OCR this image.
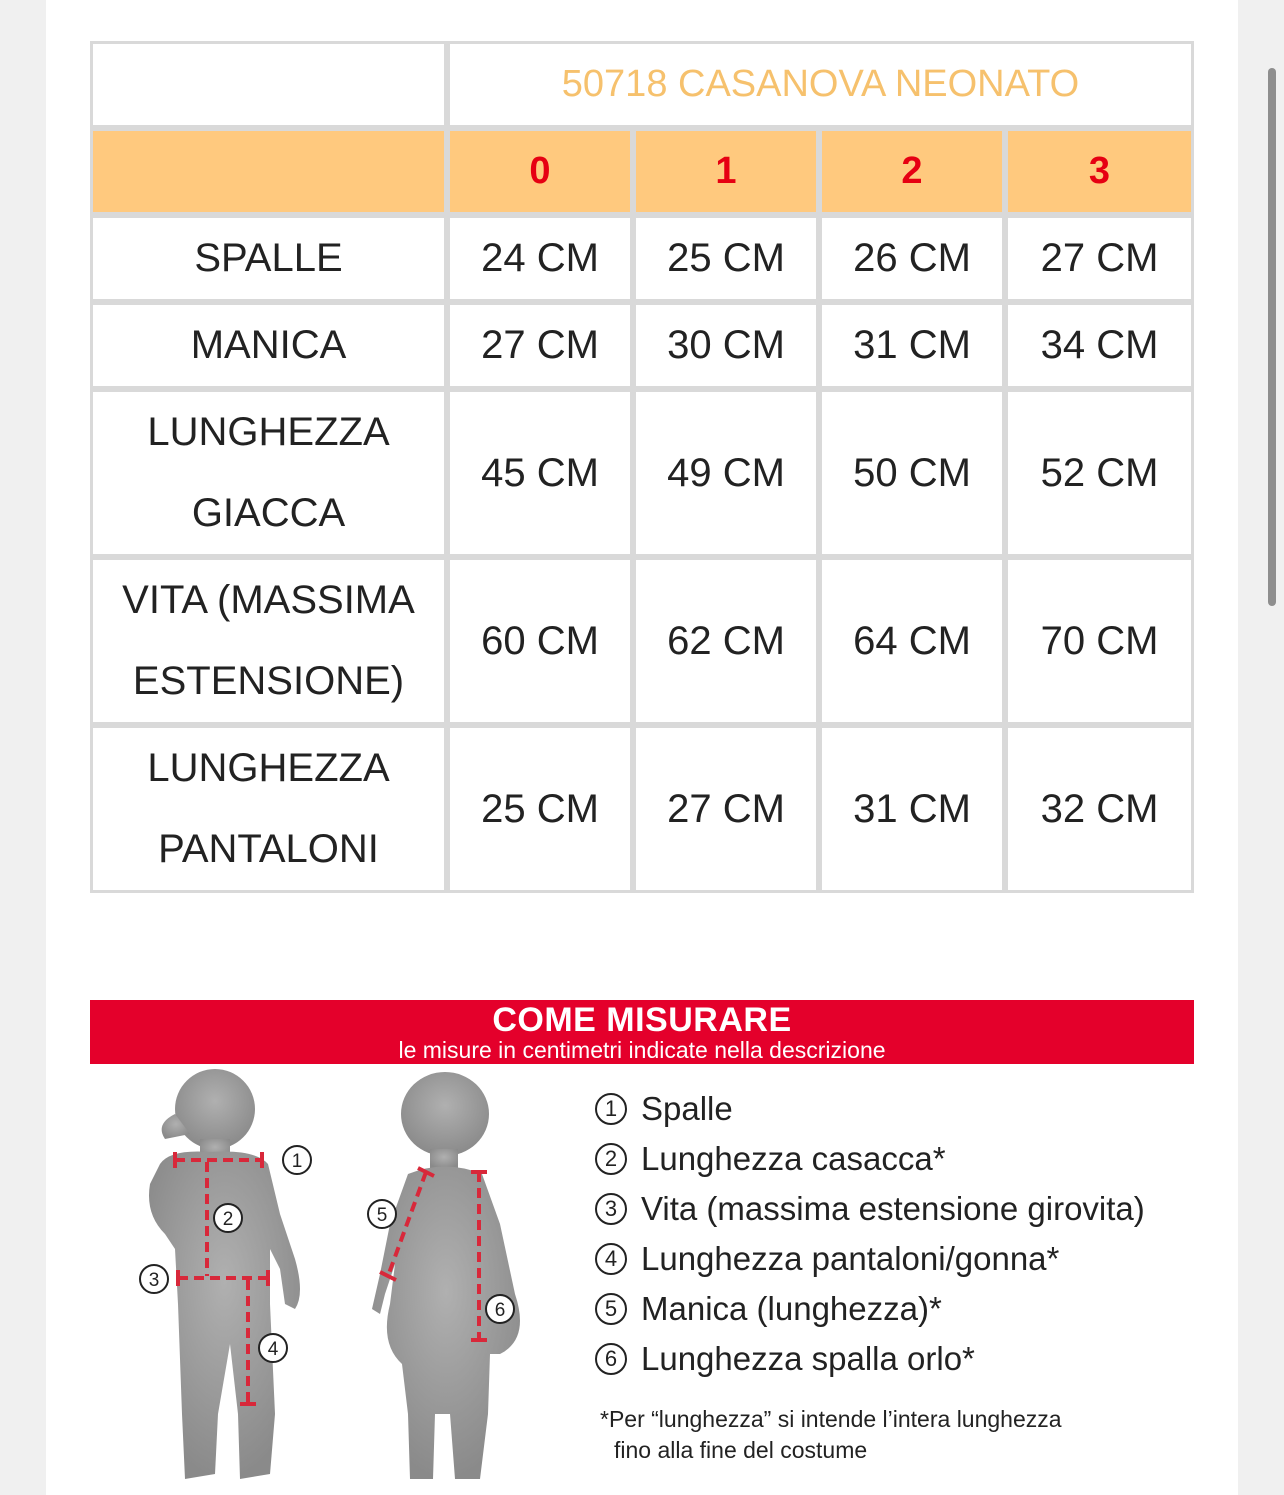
	50718 CASANOVA NEONATO			
	0	1	2	3
SPALLE	24 CM	25 CM	26 CM	27 CM
MANICA	27 CM	30 CM	31 CM	34 CM

LUNGHEZZA
GIACCA	45 CM	49 CM	50 CM	52 CM

VITA (MASSIMA
ESTENSIONE)	60 CM	62 CM	64 CM	70 CM

LUNGHEZZA
PANTALONI	25 CM	27 CM	31 CM	32 CM
COME MISURARE
le misure in centimetri indicate nella descrizione
1
2
3
4
5
6
1 Spalle
2 Lunghezza casacca*
3 Vita (massima estensione girovita)
4 Lunghezza pantaloni/gonna*
5 Manica (lunghezza)*
6 Lunghezza spalla orlo*
*Per “lunghezza” si intende l’intera lunghezza
fino alla fine del costume
